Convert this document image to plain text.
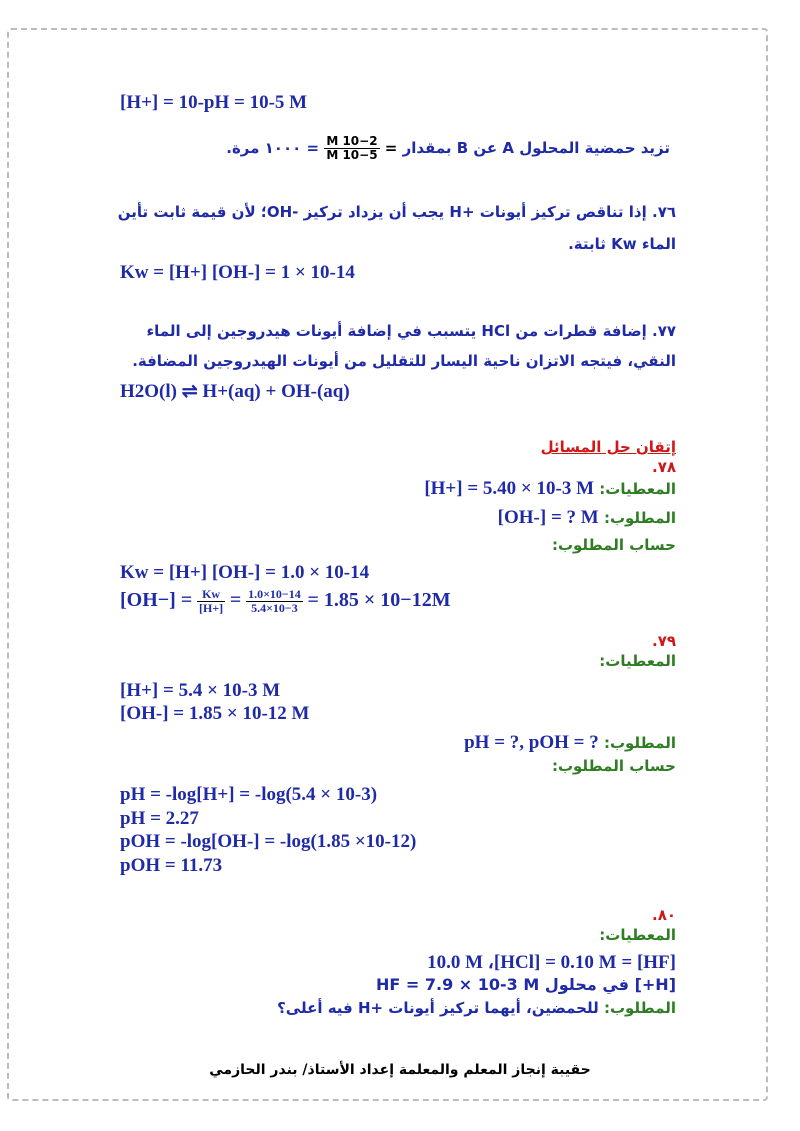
[H+] = 10-pH = 10-5 M
تزيد حمضية المحلول A عن B بمقدار =
$\frac{10-2 M}{10-5 M}$
= ١٠٠٠ مرة.
٧٦. إذا تناقص تركيز أيونات +H يجب أن يزداد تركيز -OH؛ لأن قيمة ثابت تأين
الماء Kw ثابتة.
Kw = [H+] [OH-] = 1 × 10-14
٧٧. إضافة قطرات من HCl يتسبب في إضافة أيونات هيدروجين إلى الماء
النقي، فيتجه الاتزان ناحية اليسار للتقليل من أيونات الهيدروجين المضافة.
H2O(l) ⇌ H+(aq) + OH-(aq)
إتقان حل المسائل
٧٨.
المعطيات: [H+] = 5.40 × 10-3 M
المطلوب: [OH-] = ? M
حساب المطلوب:
Kw = [H+] [OH-] = 1.0 × 10-14
$[OH-] = \frac{Kw}{[H+]} = \frac{1.0\times 10-14}{5.4\times 10-3} = 1.85 \times 10-12M$
٧٩.
المعطيات:
[H+] = 5.4 × 10-3 M
[OH-] = 1.85 × 10-12 M
المطلوب: pH = ?, pOH = ?
حساب المطلوب:
pH = -log[H+] = -log(5.4 × 10-3)
pH = 2.27
pOH = -log[OH-] = -log(1.85 ×10-12)
pOH = 11.73
٨٠.
المعطيات:
[HF] = 10.0 M ،[HCl] = 0.10 M
[H+] في محلول HF = 7.9 × 10-3 M
المطلوب: للحمضين، أيهما تركيز أيونات +H فيه أعلى؟
حقيبة إنجاز المعلم والمعلمة إعداد الأستاذ/ بندر الحازمي
